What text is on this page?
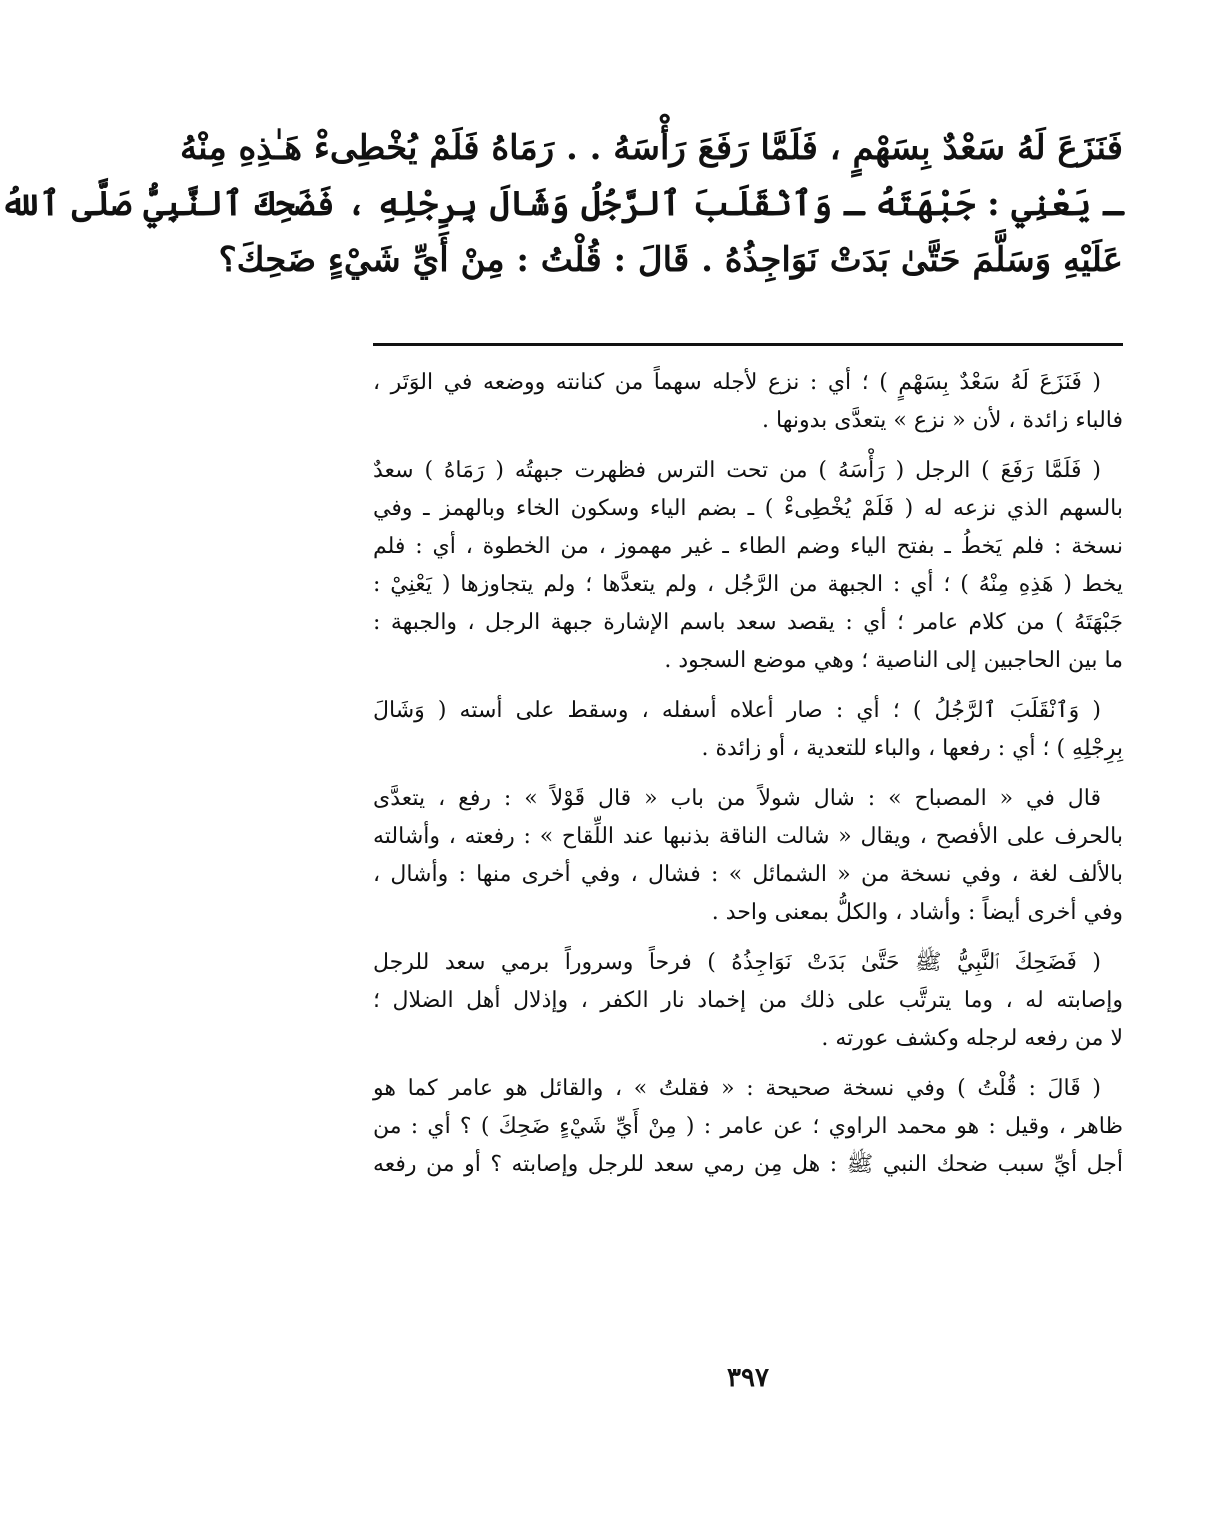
فَنَزَعَ لَهُ سَعْدٌ بِسَهْمٍ ، فَلَمَّا رَفَعَ رَأْسَهُ . . رَمَاهُ فَلَمْ يُخْطِىءْ هَـٰذِهِ مِنْهُ
ـ يَعْنِي : جَبْهَتَهُ ـ وَٱنْقَلَبَ ٱلرَّجُلُ وَشَالَ بِرِجْلِهِ ، فَضَحِكَ ٱلنَّبِيُّ صَلَّى ٱللهُ
عَلَيْهِ وَسَلَّمَ حَتَّىٰ بَدَتْ نَوَاجِذُهُ . قَالَ : قُلْتُ : مِنْ أَيِّ شَيْءٍ ضَحِكَ؟
( فَنَزَعَ لَهُ سَعْدٌ بِسَهْمٍ ) ؛ أي : نزع لأجله سهماً من كنانته ووضعه في الوَتَر ،
فالباء زائدة ، لأن « نزع » يتعدَّى بدونها .
( فَلَمَّا رَفَعَ ) الرجل ( رَأْسَهُ ) من تحت الترس فظهرت جبهتُه ( رَمَاهُ ) سعدٌ
بالسهم الذي نزعه له ( فَلَمْ يُخْطِىءْ ) ـ بضم الياء وسكون الخاء وبالهمز ـ وفي
نسخة : فلم يَخطُ ـ بفتح الياء وضم الطاء ـ غير مهموز ، من الخطوة ، أي : فلم
يخط ( هَذِهِ مِنْهُ ) ؛ أي : الجبهة من الرَّجُل ، ولم يتعدَّها ؛ ولم يتجاوزها ( يَعْنِيْ :
جَبْهَتَهُ ) من كلام عامر ؛ أي : يقصد سعد باسم الإشارة جبهة الرجل ، والجبهة :
ما بين الحاجبين إلى الناصية ؛ وهي موضع السجود .
( وَٱنْقَلَبَ ٱلرَّجُلُ ) ؛ أي : صار أعلاه أسفله ، وسقط على أسته ( وَشَالَ
بِرِجْلِهِ ) ؛ أي : رفعها ، والباء للتعدية ، أو زائدة .
قال في « المصباح » : شال شولاً من باب « قال قَوْلاً » : رفع ، يتعدَّى
بالحرف على الأفصح ، ويقال « شالت الناقة بذنبها عند اللِّقاح » : رفعته ، وأشالته
بالألف لغة ، وفي نسخة من « الشمائل » : فشال ، وفي أخرى منها : وأشال ،
وفي أخرى أيضاً : وأشاد ، والكلُّ بمعنى واحد .
( فَضَحِكَ ٱلنَّبِيُّ ﷺ حَتَّىٰ بَدَتْ نَوَاجِذُهُ ) فرحاً وسروراً برمي سعد للرجل
وإصابته له ، وما يترتَّب على ذلك من إخماد نار الكفر ، وإذلال أهل الضلال ؛
لا من رفعه لرجله وكشف عورته .
( قَالَ : قُلْتُ ) وفي نسخة صحيحة : « فقلتُ » ، والقائل هو عامر كما هو
ظاهر ، وقيل : هو محمد الراوي ؛ عن عامر : ( مِنْ أَيِّ شَيْءٍ ضَحِكَ ) ؟ أي : من
أجل أيِّ سبب ضحك النبي ﷺ : هل مِن رمي سعد للرجل وإصابته ؟ أو من رفعه
٣٩٧
